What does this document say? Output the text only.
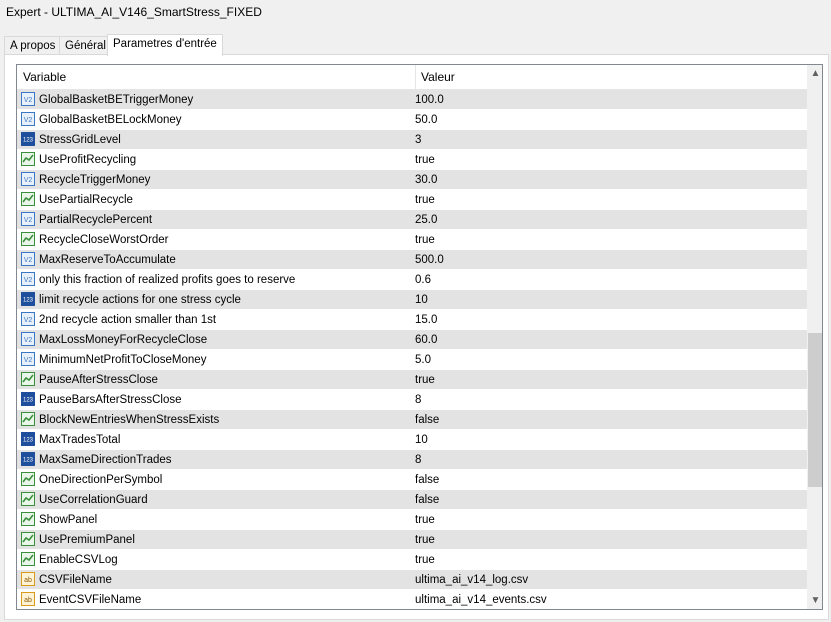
Expert - ULTIMA_AI_V146_SmartStress_FIXED
A propos Général Parametres d'entrée
Variable	Valeur
V2 GlobalBasketBETriggerMoney	100.0
V2 GlobalBasketBELockMoney	50.0
123 StressGridLevel	3
UseProfitRecycling	true
V2 RecycleTriggerMoney	30.0
UsePartialRecycle	true
V2 PartialRecyclePercent	25.0
RecycleCloseWorstOrder	true
V2 MaxReserveToAccumulate	500.0
V2 only this fraction of realized profits goes to reserve	0.6
123 limit recycle actions for one stress cycle	10
V2 2nd recycle action smaller than 1st	15.0
V2 MaxLossMoneyForRecycleClose	60.0
V2 MinimumNetProfitToCloseMoney	5.0
PauseAfterStressClose	true
123 PauseBarsAfterStressClose	8
BlockNewEntriesWhenStressExists	false
123 MaxTradesTotal	10
123 MaxSameDirectionTrades	8
OneDirectionPerSymbol	false
UseCorrelationGuard	false
ShowPanel	true
UsePremiumPanel	true
EnableCSVLog	true
ab CSVFileName	ultima_ai_v14_log.csv
ab EventCSVFileName	ultima_ai_v14_events.csv
▲
▼
